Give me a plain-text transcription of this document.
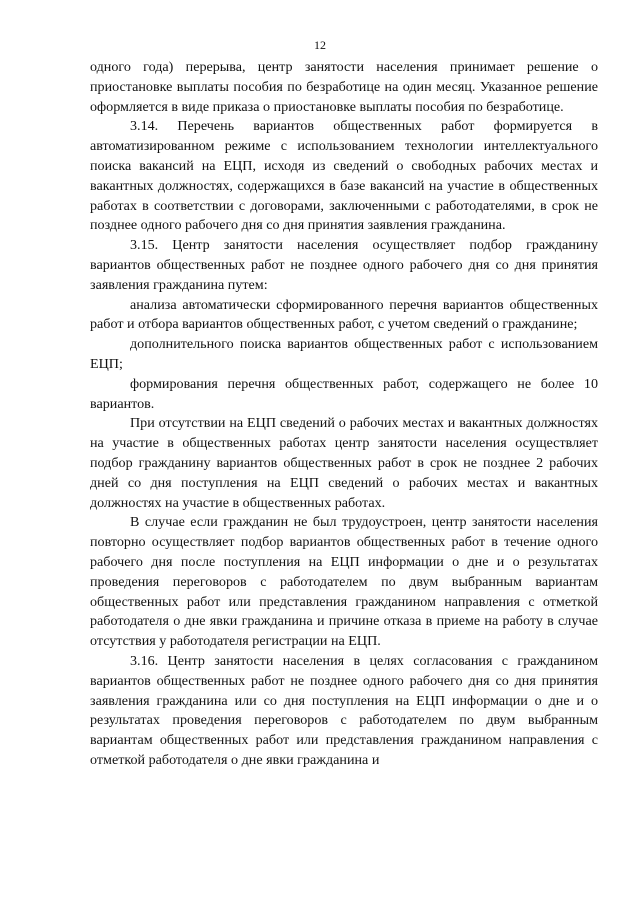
12

одного года) перерыва, центр занятости населения принимает решение о приостановке выплаты пособия по безработице на один месяц. Указанное решение оформляется в виде приказа о приостановке выплаты пособия по безработице.

3.14. Перечень вариантов общественных работ формируется в автоматизированном режиме с использованием технологии интеллектуального поиска вакансий на ЕЦП, исходя из сведений о свободных рабочих местах и вакантных должностях, содержащихся в базе вакансий на участие в общественных работах в соответствии с договорами, заключенными с работодателями, в срок не позднее одного рабочего дня со дня принятия заявления гражданина.

3.15. Центр занятости населения осуществляет подбор гражданину вариантов общественных работ не позднее одного рабочего дня со дня принятия заявления гражданина путем:

анализа автоматически сформированного перечня вариантов общественных работ и отбора вариантов общественных работ, с учетом сведений о гражданине;

дополнительного поиска вариантов общественных работ с использованием ЕЦП;

формирования перечня общественных работ, содержащего не более 10 вариантов.

При отсутствии на ЕЦП сведений о рабочих местах и вакантных должностях на участие в общественных работах центр занятости населения осуществляет подбор гражданину вариантов общественных работ в срок не позднее 2 рабочих дней со дня поступления на ЕЦП сведений о рабочих местах и вакантных должностях на участие в общественных работах.

В случае если гражданин не был трудоустроен, центр занятости населения повторно осуществляет подбор вариантов общественных работ в течение одного рабочего дня после поступления на ЕЦП информации о дне и о результатах проведения переговоров с работодателем по двум выбранным вариантам общественных работ или представления гражданином направления с отметкой работодателя о дне явки гражданина и причине отказа в приеме на работу в случае отсутствия у работодателя регистрации на ЕЦП.

3.16. Центр занятости населения в целях согласования с гражданином вариантов общественных работ не позднее одного рабочего дня со дня принятия заявления гражданина или со дня поступления на ЕЦП информации о дне и о результатах проведения переговоров с работодателем по двум выбранным вариантам общественных работ или представления гражданином направления с отметкой работодателя о дне явки гражданина и
